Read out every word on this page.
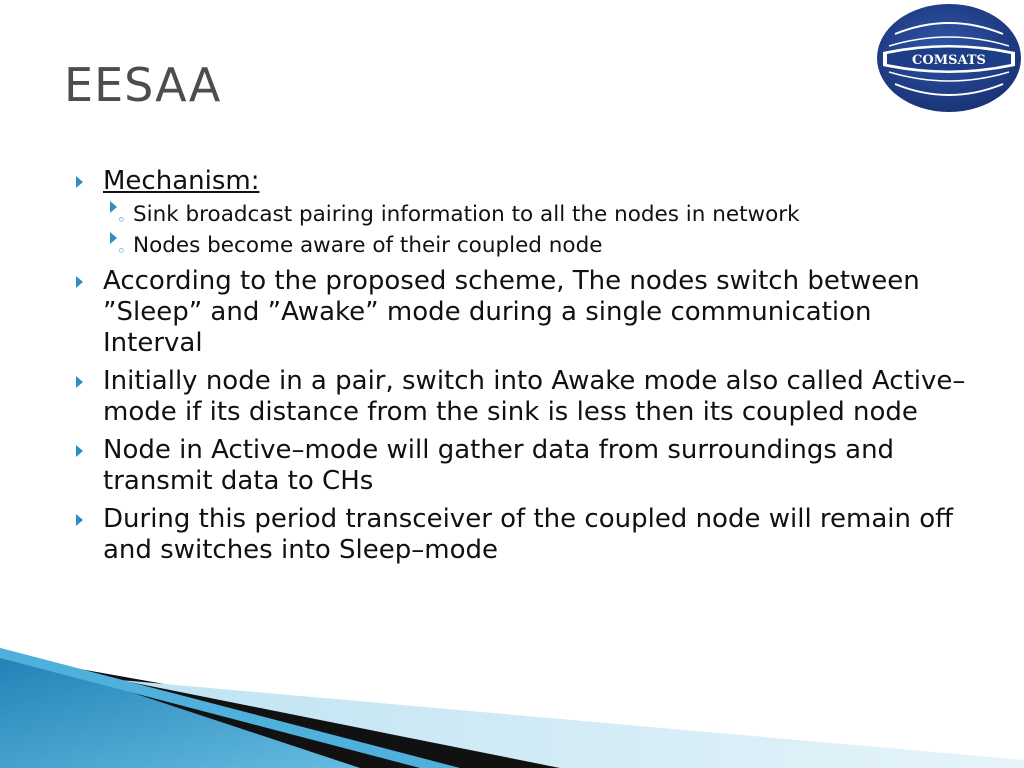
EESAA	COMSATS
Mechanism:
◦ Sink broadcast pairing information to all the nodes in network
◦ Nodes become aware of their coupled node
According to the proposed scheme, The nodes switch between ”Sleep” and ”Awake” mode during a single communication Interval
Initially node in a pair, switch into Awake mode also called Active–mode if its distance from the sink is less then its coupled node
Node in Active–mode will gather data from surroundings and transmit data to CHs
During this period transceiver of the coupled node will remain off and switches into Sleep–mode
